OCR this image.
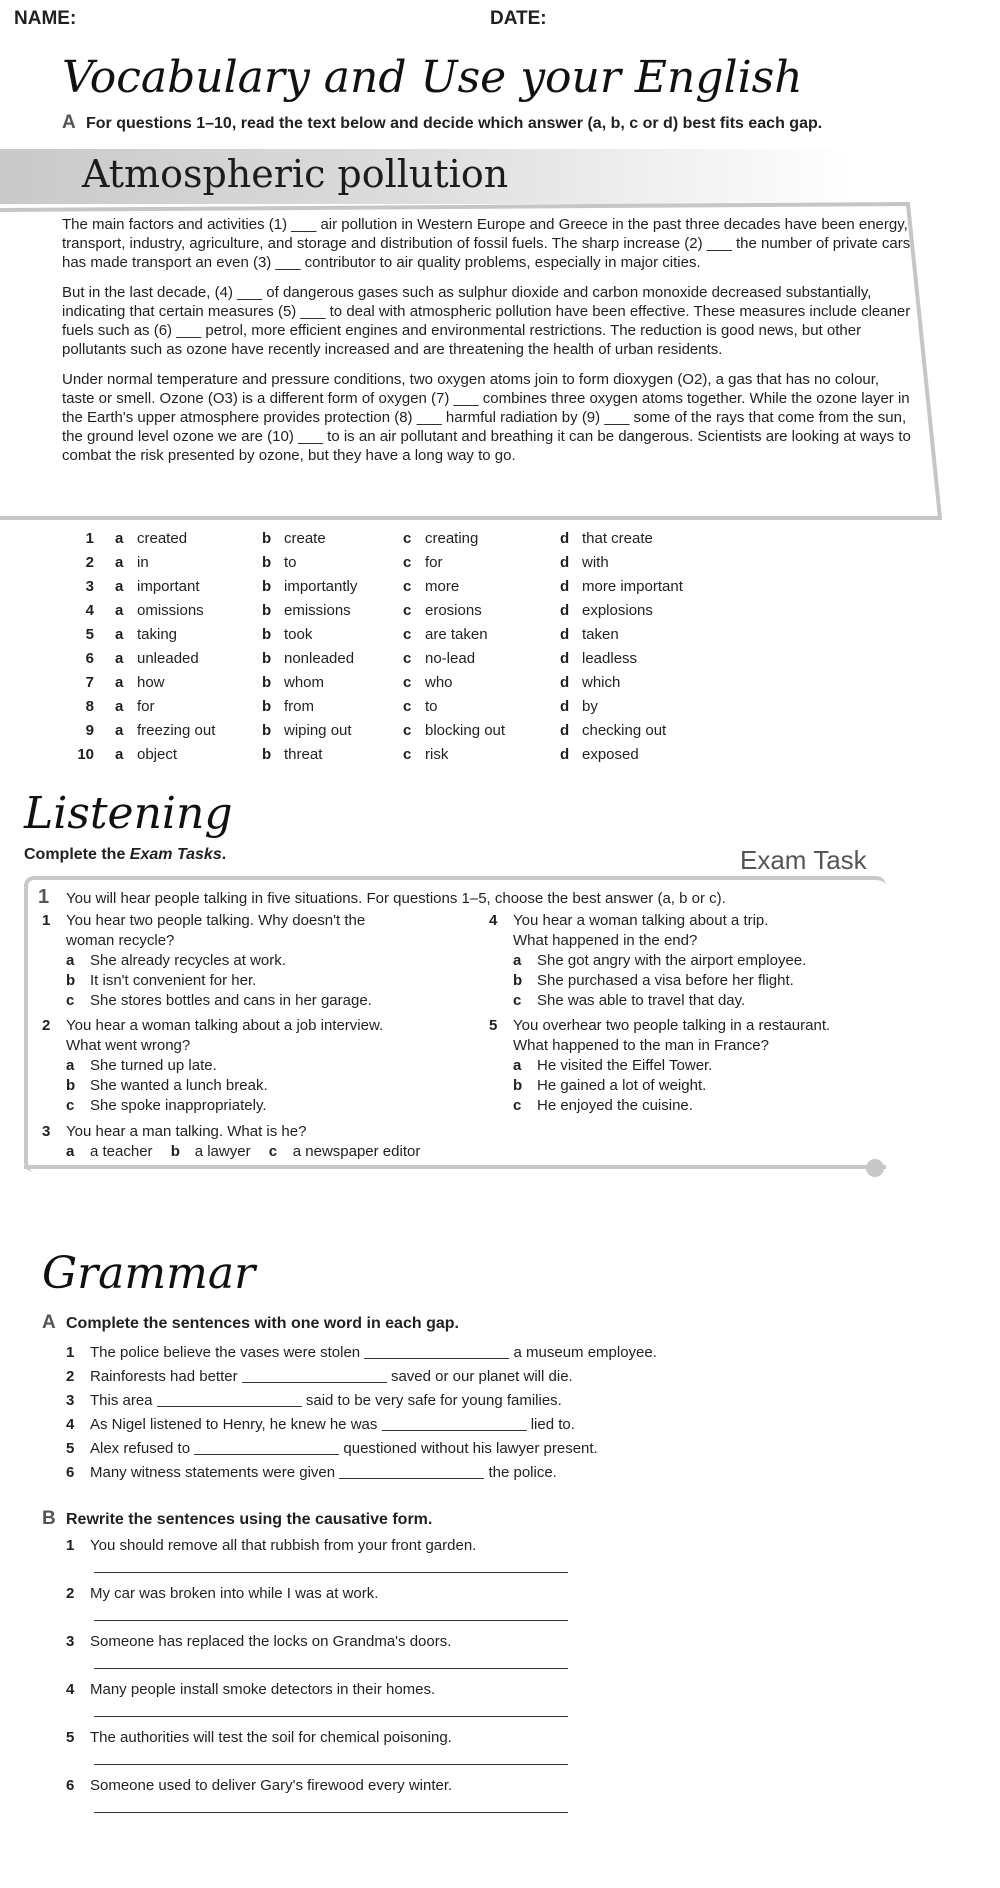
NAME:	DATE:
Vocabulary and Use your English
A For questions 1–10, read the text below and decide which answer (a, b, c or d) best fits each gap.
Atmospheric pollution

The main factors and activities (1) ___ air pollution in Western Europe and Greece in the past three decades have been energy, transport, industry, agriculture, and storage and distribution of fossil fuels. The sharp increase (2) ___ the number of private cars has made transport an even (3) ___ contributor to air quality problems, especially in major cities.

But in the last decade, (4) ___ of dangerous gases such as sulphur dioxide and carbon monoxide decreased substantially, indicating that certain measures (5) ___ to deal with atmospheric pollution have been effective. These measures include cleaner fuels such as (6) ___ petrol, more efficient engines and environmental restrictions. The reduction is good news, but other pollutants such as ozone have recently increased and are threatening the health of urban residents.

Under normal temperature and pressure conditions, two oxygen atoms join to form dioxygen (O2), a gas that has no colour, taste or smell. Ozone (O3) is a different form of oxygen (7) ___ combines three oxygen atoms together. While the ozone layer in the Earth's upper atmosphere provides protection (8) ___ harmful radiation by (9) ___ some of the rays that come from the sun, the ground level ozone we are (10) ___ to is an air pollutant and breathing it can be dangerous. Scientists are looking at ways to combat the risk presented by ozone, but they have a long way to go.

1 a created	b create	c creating	d that create
2 a in	b to	c for	d with
3 a important	b importantly	c more	d more important
4 a omissions	b emissions	c erosions	d explosions
5 a taking	b took	c are taken	d taken
6 a unleaded	b nonleaded	c no-lead	d leadless
7 a how	b whom	c who	d which
8 a for	b from	c to	d by
9 a freezing out	b wiping out	c blocking out	d checking out
10 a object	b threat	c risk	d exposed
Listening
Complete the Exam Tasks.	Exam Task
1 You will hear people talking in five situations. For questions 1–5, choose the best answer (a, b or c).
1 You hear two people talking. Why doesn't the
woman recycle?
a She already recycles at work.
b It isn't convenient for her.
c She stores bottles and cans in her garage.
2 You hear a woman talking about a job interview.
What went wrong?
a She turned up late.
b She wanted a lunch break.
c She spoke inappropriately.
3 You hear a man talking. What is he?
a a teacher b a lawyer c a newspaper editor
4 You hear a woman talking about a trip.
What happened in the end?
a She got angry with the airport employee.
b She purchased a visa before her flight.
c She was able to travel that day.
5 You overhear two people talking in a restaurant.
What happened to the man in France?
a He visited the Eiffel Tower.
b He gained a lot of weight.
c He enjoyed the cuisine.
Grammar
A Complete the sentences with one word in each gap.
1 The police believe the vases were stolen	a museum employee.
2 Rainforests had better	saved or our planet will die.
3 This area	said to be very safe for young families.
4 As Nigel listened to Henry, he knew he was	lied to.
5 Alex refused to	questioned without his lawyer present.
6 Many witness statements were given	the police.
B Rewrite the sentences using the causative form.
1 You should remove all that rubbish from your front garden.
2 My car was broken into while I was at work.
3 Someone has replaced the locks on Grandma's doors.
4 Many people install smoke detectors in their homes.
5 The authorities will test the soil for chemical poisoning.
6 Someone used to deliver Gary's firewood every winter.
